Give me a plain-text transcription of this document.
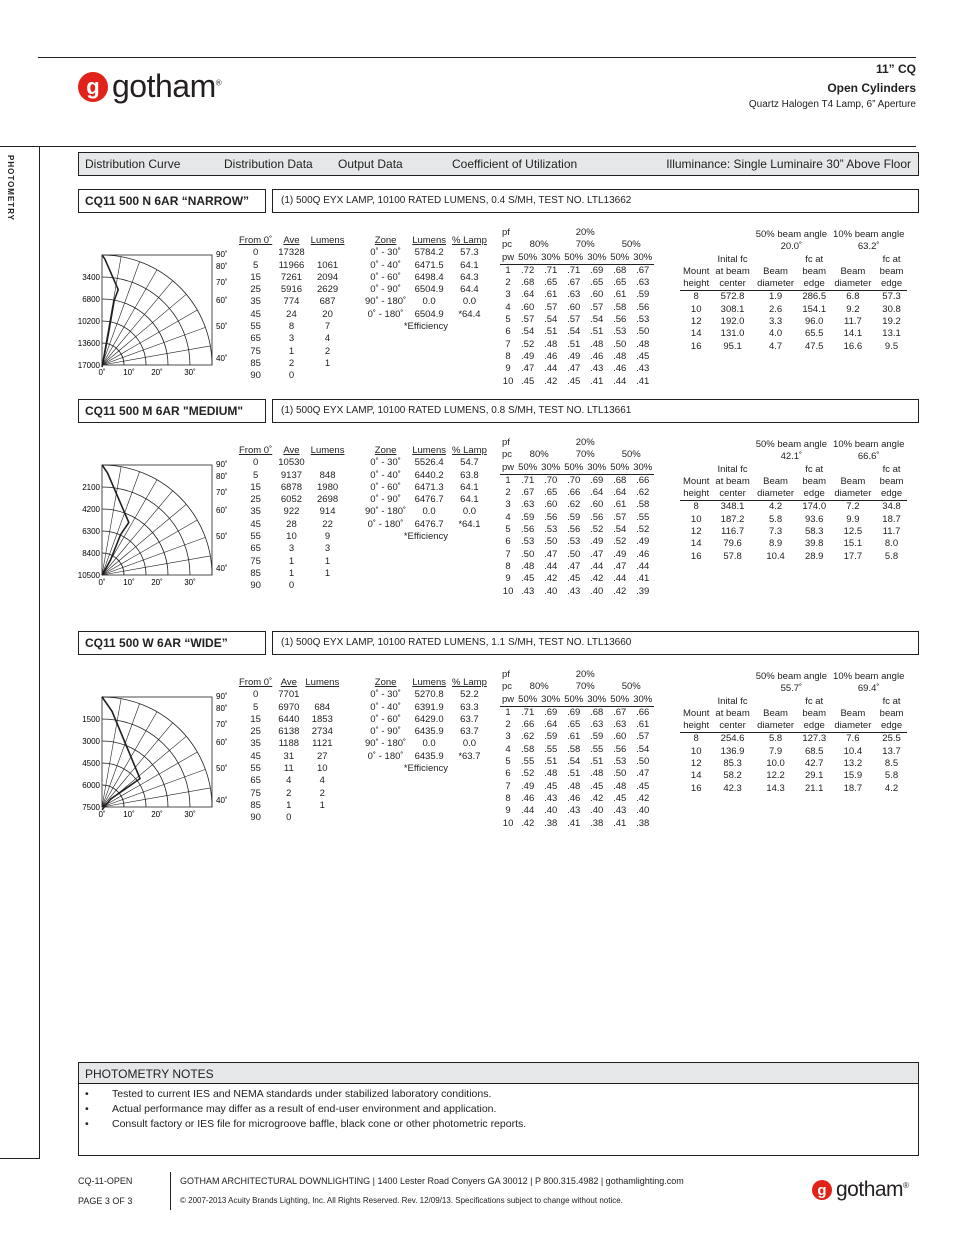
g gotham®
11” CQ
Open Cylinders
Quartz Halogen T4 Lamp, 6” Aperture
PHOTOMETRY	Distribution Curve	Distribution Data Output Data	Coefficient of Utilization	Illuminance: Single Luminaire 30” Above Floor
CQ11 500 N 6AR “NARROW”	(1) 500Q EYX LAMP, 10100 RATED LUMENS, 0.4 S/MH, TEST NO. LTL13662
90˚
80˚
70˚
60˚
50˚
40˚
3400
6800
10200
13600
17000
0˚ 10˚ 20˚	30˚
From 0˚	Ave	Lumens
0	17328	
5	11966	1061
15	7261	2094
25	5916	2629
35	774	687
45	24	20
55	8	7
65	3	4
75	1	2
85	2	1
90	0	
Zone	Lumens	% Lamp
0˚ - 30˚	5784.2	57.3
0˚ - 40˚	6471.5	64.1
0˚ - 60˚	6498.4	64.3
0˚ - 90˚	6504.9	64.4
90˚ - 180˚	0.0	0.0
0˚ - 180˚	6504.9	*64.4
*Efficiency		
pf			20%			
pc	80%		70%		50%	
pw	50%	30%	50%	30%	50%	30%
1	.72	.71	.71	.69	.68	.67
2	.68	.65	.67	.65	.65	.63
3	.64	.61	.63	.60	.61	.59
4	.60	.57	.60	.57	.58	.56
5	.57	.54	.57	.54	.56	.53
6	.54	.51	.54	.51	.53	.50
7	.52	.48	.51	.48	.50	.48
8	.49	.46	.49	.46	.48	.45
9	.47	.44	.47	.43	.46	.43
10	.45	.42	.45	.41	.44	.41
		50% beam angle		10% beam angle	
		20.0˚		63.2˚	
	Inital fc		fc at		fc at
Mount	at beam	Beam	beam	Beam	beam
height	center	diameter	edge	diameter	edge
8	572.8	1.9	286.5	6.8	57.3
10	308.1	2.6	154.1	9.2	30.8
12	192.0	3.3	96.0	11.7	19.2
14	131.0	4.0	65.5	14.1	13.1
16	95.1	4.7	47.5	16.6	9.5
CQ11 500 M 6AR "MEDIUM"	(1) 500Q EYX LAMP, 10100 RATED LUMENS, 0.8 S/MH, TEST NO. LTL13661
90˚
80˚
70˚
60˚
50˚
40˚
2100
4200
6300
8400
10500
0˚ 10˚ 20˚	30˚
From 0˚	Ave	Lumens
0	10530	
5	9137	848
15	6878	1980
25	6052	2698
35	922	914
45	28	22
55	10	9
65	3	3
75	1	1
85	1	1
90	0	
Zone	Lumens	% Lamp
0˚ - 30˚	5526.4	54.7
0˚ - 40˚	6440.2	63.8
0˚ - 60˚	6471.3	64.1
0˚ - 90˚	6476.7	64.1
90˚ - 180˚	0.0	0.0
0˚ - 180˚	6476.7	*64.1
*Efficiency		
pf			20%			
pc	80%		70%		50%	
pw	50%	30%	50%	30%	50%	30%
1	.71	.70	.70	.69	.68	.66
2	.67	.65	.66	.64	.64	.62
3	.63	.60	.62	.60	.61	.58
4	.59	.56	.59	.56	.57	.55
5	.56	.53	.56	.52	.54	.52
6	.53	.50	.53	.49	.52	.49
7	.50	.47	.50	.47	.49	.46
8	.48	.44	.47	.44	.47	.44
9	.45	.42	.45	.42	.44	.41
10	.43	.40	.43	.40	.42	.39
		50% beam angle		10% beam angle	
		42.1˚		66.6˚	
	Inital fc		fc at		fc at
Mount	at beam	Beam	beam	Beam	beam
height	center	diameter	edge	diameter	edge
8	348.1	4.2	174.0	7.2	34.8
10	187.2	5.8	93.6	9.9	18.7
12	116.7	7.3	58.3	12.5	11.7
14	79.6	8.9	39.8	15.1	8.0
16	57.8	10.4	28.9	17.7	5.8
CQ11 500 W 6AR “WIDE”	(1) 500Q EYX LAMP, 10100 RATED LUMENS, 1.1 S/MH, TEST NO. LTL13660
90˚
80˚
70˚
60˚
50˚
40˚
1500
3000
4500
6000
7500
0˚ 10˚ 20˚	30˚
From 0˚	Ave	Lumens
0	7701	
5	6970	684
15	6440	1853
25	6138	2734
35	1188	1121
45	31	27
55	11	10
65	4	4
75	2	2
85	1	1
90	0	
Zone	Lumens	% Lamp
0˚ - 30˚	5270.8	52.2
0˚ - 40˚	6391.9	63.3
0˚ - 60˚	6429.0	63.7
0˚ - 90˚	6435.9	63.7
90˚ - 180˚	0.0	0.0
0˚ - 180˚	6435.9	*63.7
*Efficiency		
pf			20%			
pc	80%		70%		50%	
pw	50%	30%	50%	30%	50%	30%
1	.71	.69	.69	.68	.67	.66
2	.66	.64	.65	.63	.63	.61
3	.62	.59	.61	.59	.60	.57
4	.58	.55	.58	.55	.56	.54
5	.55	.51	.54	.51	.53	.50
6	.52	.48	.51	.48	.50	.47
7	.49	.45	.48	.45	.48	.45
8	.46	.43	.46	.42	.45	.42
9	.44	.40	.43	.40	.43	.40
10	.42	.38	.41	.38	.41	.38
		50% beam angle		10% beam angle	
		55.7˚		69.4˚	
	Inital fc		fc at		fc at
Mount	at beam	Beam	beam	Beam	beam
height	center	diameter	edge	diameter	edge
8	254.6	5.8	127.3	7.6	25.5
10	136.9	7.9	68.5	10.4	13.7
12	85.3	10.0	42.7	13.2	8.5
14	58.2	12.2	29.1	15.9	5.8
16	42.3	14.3	21.1	18.7	4.2
PHOTOMETRY NOTES
•	Tested to current IES and NEMA standards under stabilized laboratory conditions.
•	Actual performance may differ as a result of end-user environment and application.
•	Consult factory or IES file for microgroove baffle, black cone or other photometric reports.
CQ-11-OPEN
PAGE 3 OF 3
GOTHAM ARCHITECTURAL DOWNLIGHTING | 1400 Lester Road Conyers GA 30012 | P 800.315.4982 | gothamlighting.com
© 2007-2013 Acuity Brands Lighting, Inc. All Rights Reserved. Rev. 12/09/13. Specifications subject to change without notice.
g gotham®
